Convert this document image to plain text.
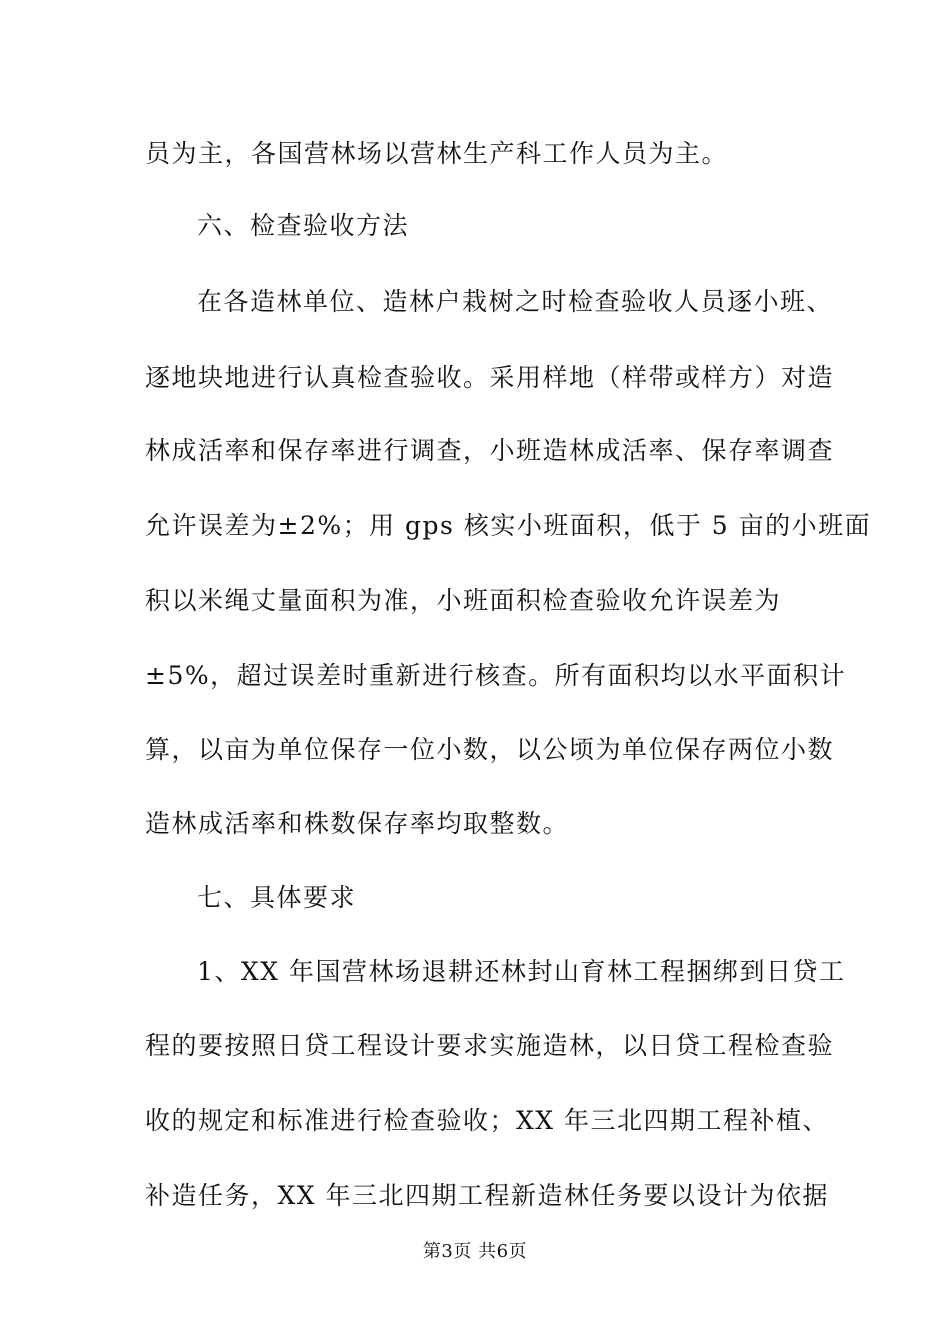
员为主，各国营林场以营林生产科工作人员为主。
六、检查验收方法
在各造林单位、造林户栽树之时检查验收人员逐小班、
逐地块地进行认真检查验收。采用样地（样带或样方）对造
林成活率和保存率进行调查，小班造林成活率、保存率调查
允许误差为±2%；用 gps 核实小班面积，低于 5 亩的小班面
积以米绳丈量面积为准，小班面积检查验收允许误差为
±5%，超过误差时重新进行核查。所有面积均以水平面积计
算，以亩为单位保存一位小数，以公顷为单位保存两位小数
造林成活率和株数保存率均取整数。
七、具体要求
1、XX 年国营林场退耕还林封山育林工程捆绑到日贷工
程的要按照日贷工程设计要求实施造林，以日贷工程检查验
收的规定和标准进行检查验收；XX 年三北四期工程补植、
补造任务，XX 年三北四期工程新造林任务要以设计为依据
第3页 共6页
